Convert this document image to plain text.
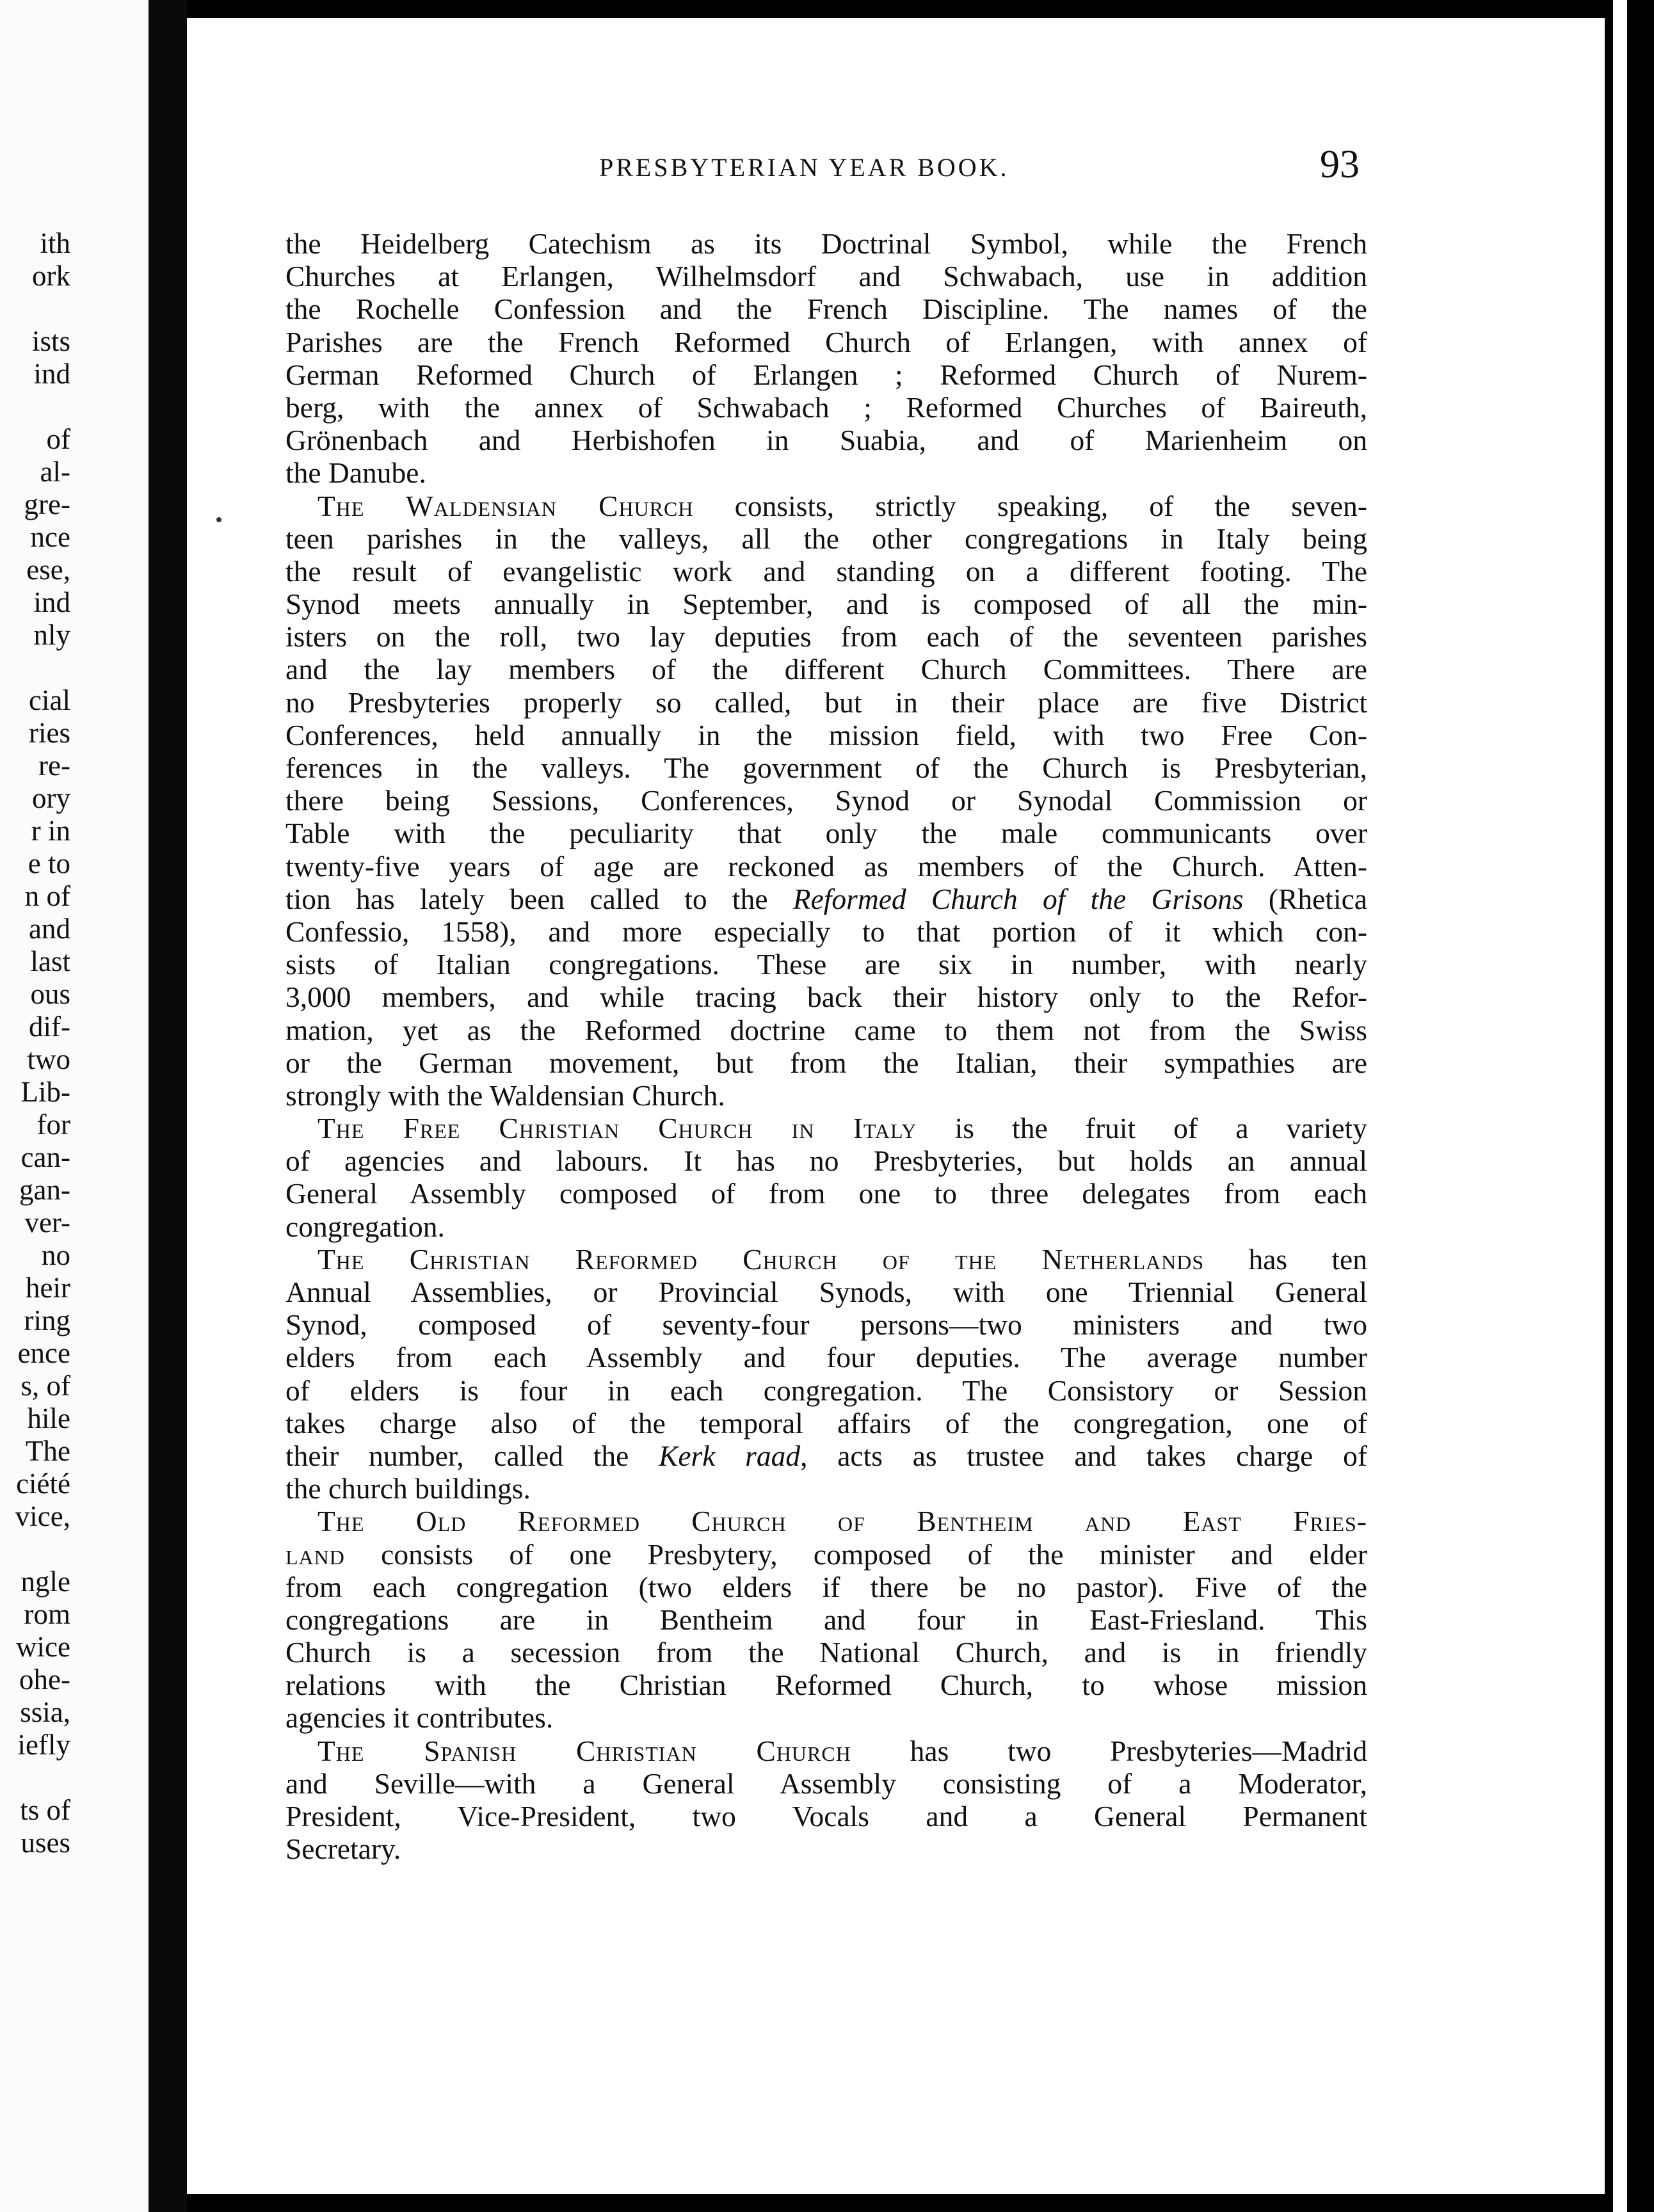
ith
ork
ists
ind
of
al-
gre-
nce
ese,
ind
nly
cial
ries
re-
ory
r in
e to
n of
and
last
ous
dif-
two
Lib-
for
can-
gan-
ver-
no
heir
ring
ence
s, of
hile
The
ciété
vice,
ngle
rom
wice
ohe-
ssia,
iefly
ts of
uses
PRESBYTERIAN YEAR BOOK.	93
the Heidelberg Catechism as its Doctrinal Symbol, while the French
Churches at Erlangen, Wilhelmsdorf and Schwabach, use in addition
the Rochelle Confession and the French Discipline. The names of the
Parishes are the French Reformed Church of Erlangen, with annex of
German Reformed Church of Erlangen ; Reformed Church of Nurem-
berg, with the annex of Schwabach ; Reformed Churches of Baireuth,
Grönenbach and Herbishofen in Suabia, and of Marienheim on
the Danube.
The Waldensian Church consists, strictly speaking, of the seven-
teen parishes in the valleys, all the other congregations in Italy being
the result of evangelistic work and standing on a different footing. The
Synod meets annually in September, and is composed of all the min-
isters on the roll, two lay deputies from each of the seventeen parishes
and the lay members of the different Church Committees. There are
no Presbyteries properly so called, but in their place are five District
Conferences, held annually in the mission field, with two Free Con-
ferences in the valleys. The government of the Church is Presbyterian,
there being Sessions, Conferences, Synod or Synodal Commission or
Table with the peculiarity that only the male communicants over
twenty-five years of age are reckoned as members of the Church. Atten-
tion has lately been called to the Reformed Church of the Grisons (Rhetica
Confessio, 1558), and more especially to that portion of it which con-
sists of Italian congregations. These are six in number, with nearly
3,000 members, and while tracing back their history only to the Refor-
mation, yet as the Reformed doctrine came to them not from the Swiss
or the German movement, but from the Italian, their sympathies are
strongly with the Waldensian Church.
The Free Christian Church in Italy is the fruit of a variety
of agencies and labours. It has no Presbyteries, but holds an annual
General Assembly composed of from one to three delegates from each
congregation.
The Christian Reformed Church of the Netherlands has ten
Annual Assemblies, or Provincial Synods, with one Triennial General
Synod, composed of seventy-four persons—two ministers and two
elders from each Assembly and four deputies. The average number
of elders is four in each congregation. The Consistory or Session
takes charge also of the temporal affairs of the congregation, one of
their number, called the Kerk raad, acts as trustee and takes charge of
the church buildings.
The Old Reformed Church of Bentheim and East Fries-
land consists of one Presbytery, composed of the minister and elder
from each congregation (two elders if there be no pastor). Five of the
congregations are in Bentheim and four in East-Friesland. This
Church is a secession from the National Church, and is in friendly
relations with the Christian Reformed Church, to whose mission
agencies it contributes.
The Spanish Christian Church has two Presbyteries—Madrid
and Seville—with a General Assembly consisting of a Moderator,
President, Vice-President, two Vocals and a General Permanent
Secretary.
